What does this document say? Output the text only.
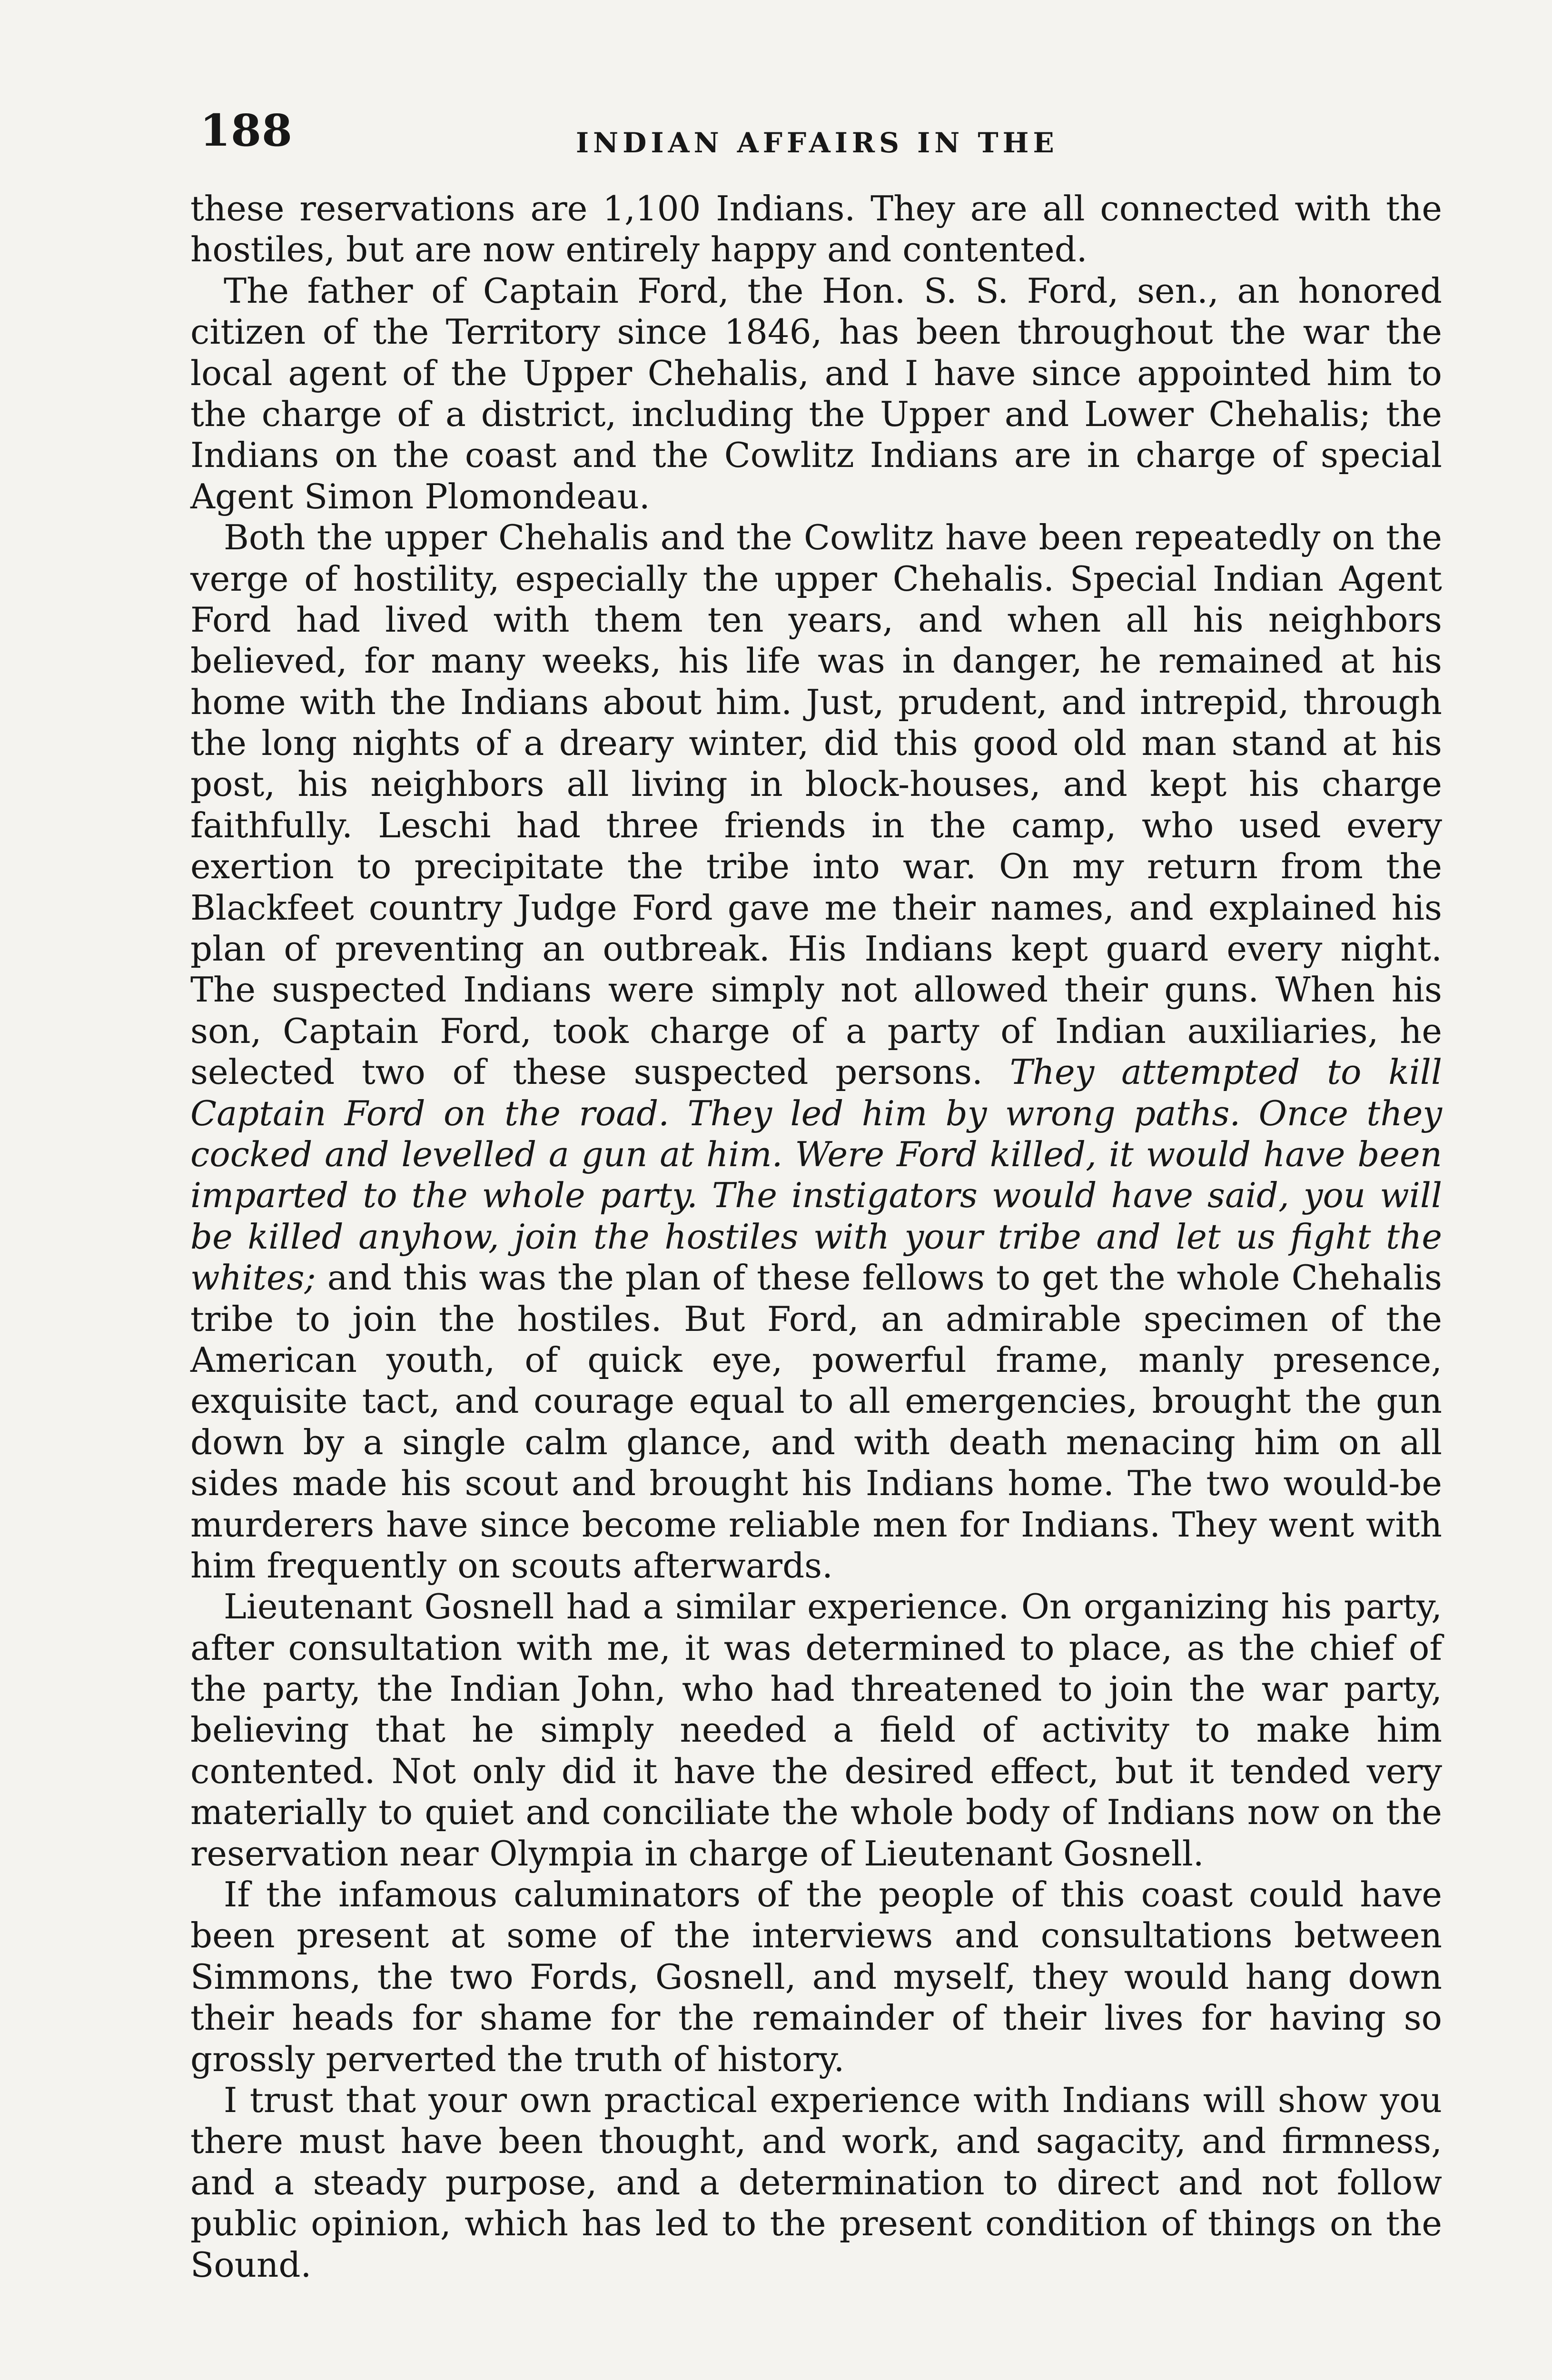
188	INDIAN AFFAIRS IN THE

these reservations are 1,100 Indians. They are all connected with the hostiles, but are now entirely happy and contented.

The father of Captain Ford, the Hon. S. S. Ford, sen., an honored citizen of the Territory since 1846, has been throughout the war the local agent of the Upper Chehalis, and I have since appointed him to the charge of a district, including the Upper and Lower Chehalis; the Indians on the coast and the Cowlitz Indians are in charge of special Agent Simon Plomondeau.

Both the upper Chehalis and the Cowlitz have been repeatedly on the verge of hostility, especially the upper Chehalis. Special Indian Agent Ford had lived with them ten years, and when all his neighbors believed, for many weeks, his life was in danger, he remained at his home with the Indians about him. Just, prudent, and intrepid, through the long nights of a dreary winter, did this good old man stand at his post, his neighbors all living in block-houses, and kept his charge faithfully. Leschi had three friends in the camp, who used every exertion to precipitate the tribe into war. On my return from the Blackfeet country Judge Ford gave me their names, and explained his plan of preventing an outbreak. His Indians kept guard every night. The suspected Indians were simply not allowed their guns. When his son, Captain Ford, took charge of a party of Indian auxiliaries, he selected two of these suspected persons. They attempted to kill Captain Ford on the road. They led him by wrong paths. Once they cocked and levelled a gun at him. Were Ford killed, it would have been imparted to the whole party. The instigators would have said, you will be killed anyhow, join the hostiles with your tribe and let us fight the whites; and this was the plan of these fellows to get the whole Chehalis tribe to join the hostiles. But Ford, an admirable specimen of the American youth, of quick eye, powerful frame, manly presence, exquisite tact, and courage equal to all emergencies, brought the gun down by a single calm glance, and with death menacing him on all sides made his scout and brought his Indians home. The two would-be murderers have since become reliable men for Indians. They went with him frequently on scouts afterwards.

Lieutenant Gosnell had a similar experience. On organizing his party, after consultation with me, it was determined to place, as the chief of the party, the Indian John, who had threatened to join the war party, believing that he simply needed a field of activity to make him contented. Not only did it have the desired effect, but it tended very materially to quiet and conciliate the whole body of Indians now on the reservation near Olympia in charge of Lieutenant Gosnell.

If the infamous caluminators of the people of this coast could have been present at some of the interviews and consultations between Simmons, the two Fords, Gosnell, and myself, they would hang down their heads for shame for the remainder of their lives for having so grossly perverted the truth of history.

I trust that your own practical experience with Indians will show you there must have been thought, and work, and sagacity, and firmness, and a steady purpose, and a determination to direct and not follow public opinion, which has led to the present condition of things on the Sound.
